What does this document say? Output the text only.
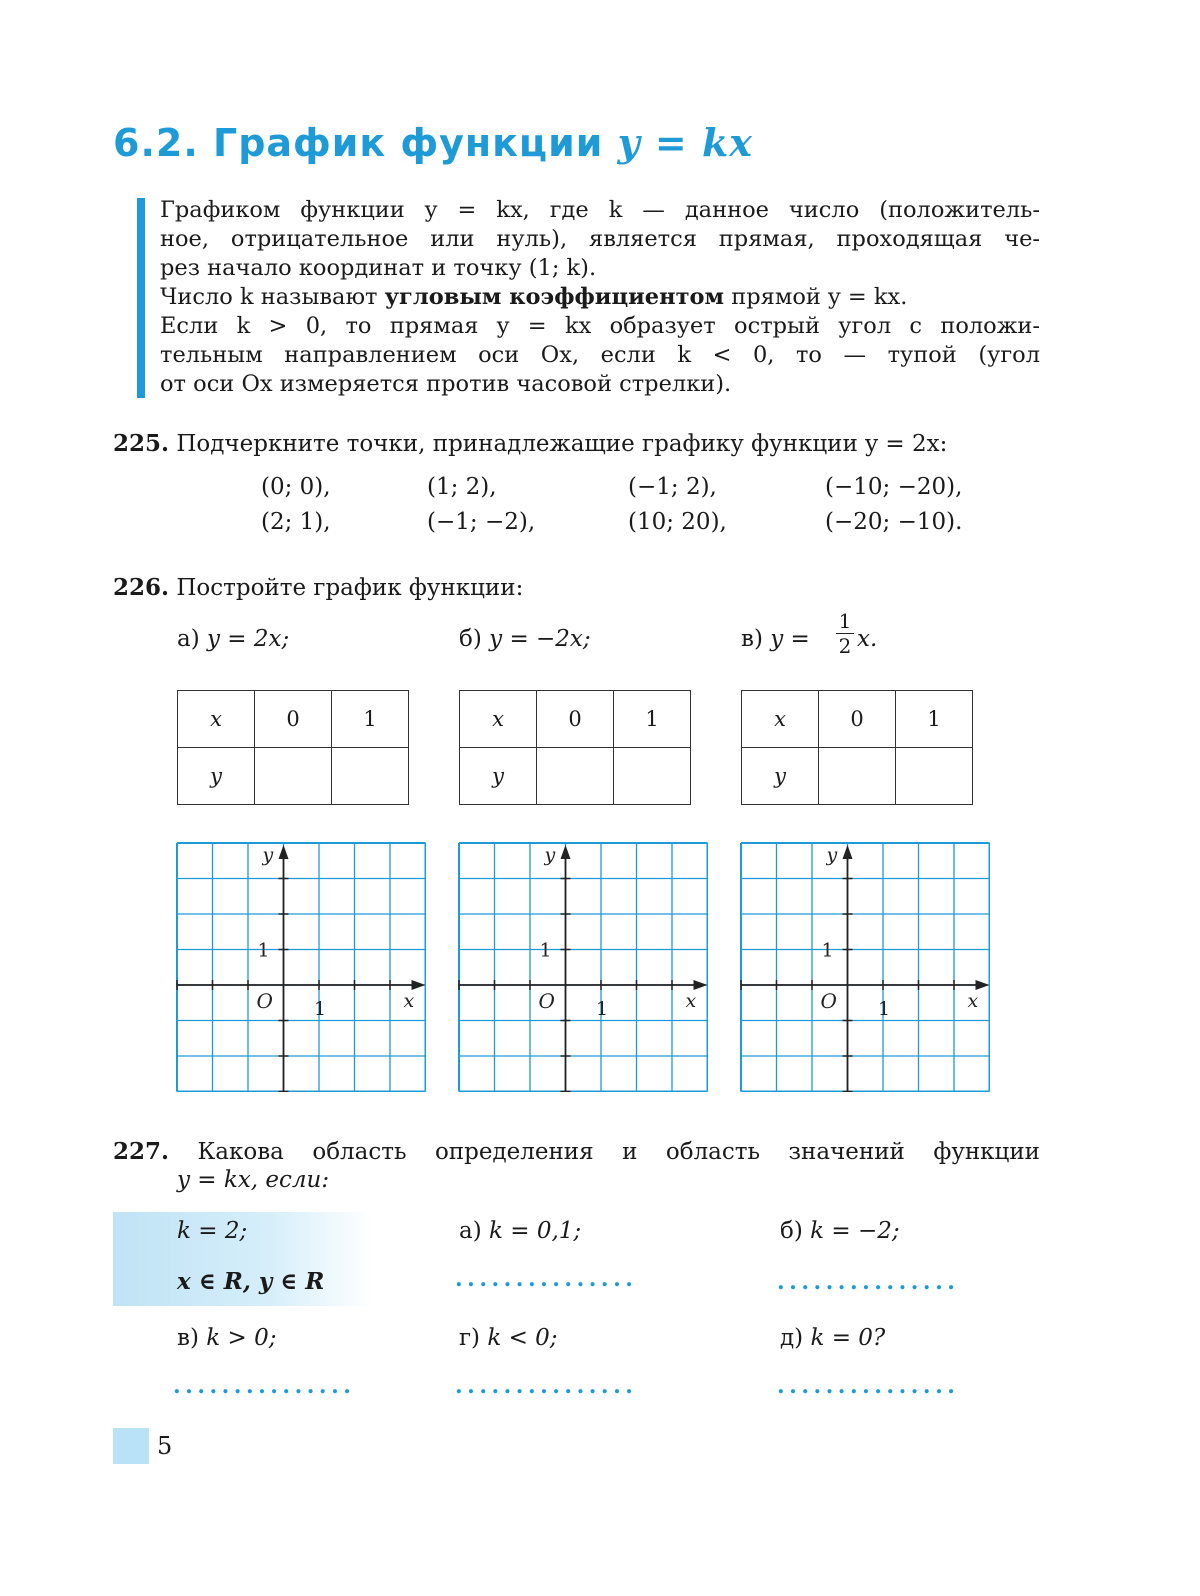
6.2. График функции y = kx
Графиком функции y = kx, где k — данное число (положитель-
ное, отрицательное или нуль), является прямая, проходящая че-
рез начало координат и точку (1; k).
Число k называют угловым коэффициентом прямой y = kx.
Если k > 0, то прямая y = kx образует острый угол с положи-
тельным направлением оси Ox, если k < 0, то — тупой (угол
от оси Ox измеряется против часовой стрелки).
225. Подчеркните точки, принадлежащие графику функции y = 2x:
(0; 0),	(1; 2),	(−1; 2),	(−10; −20),
(2; 1),	(−1; −2),	(10; 20),	(−20; −10).
226. Постройте график функции:
а) y = 2x;	б) y = −2x;	в) y =
1
2 x.
x	0	1
y		
x	0	1
y		
x	0	1
y		
y
x
O
1
1
y
x
O
1
1
y
x
O
1
1
227. Какова область определения и область значений функции
y = kx, если:
k = 2;
x ∈ R, y ∈ R
а) k = 0,1;	б) k = −2;
...............	...............
в) k > 0;	г) k < 0;	д) k = 0?
...............	...............	...............
5
